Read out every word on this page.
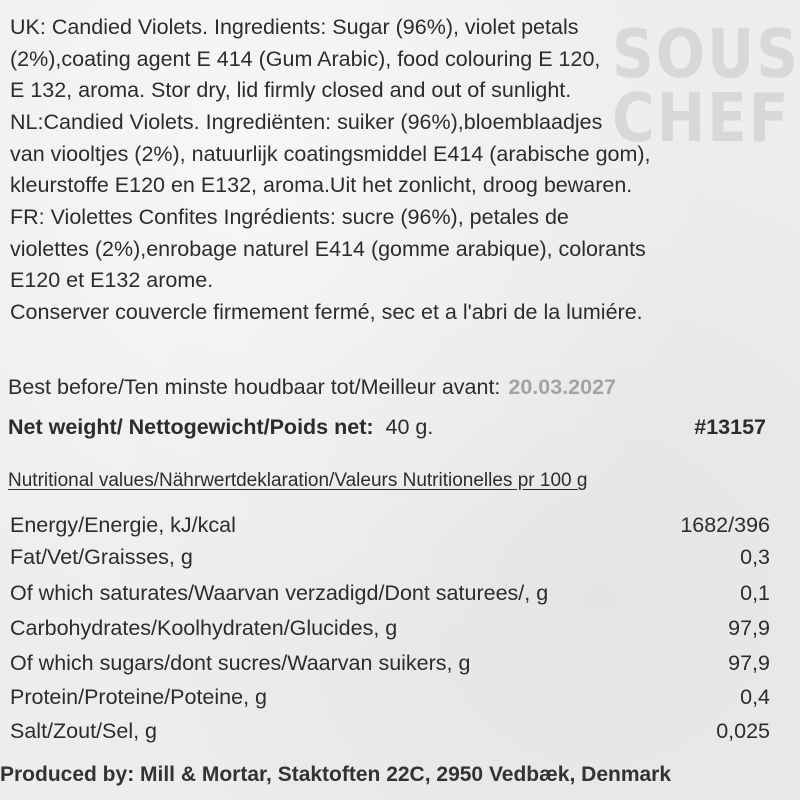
SOUS
CHEF
UK: Candied Violets. Ingredients: Sugar (96%), violet petals
(2%),coating agent E 414 (Gum Arabic), food colouring E 120,
E 132, aroma. Stor dry, lid firmly closed and out of sunlight.
NL:Candied Violets. Ingrediënten: suiker (96%),bloemblaadjes
van viooltjes (2%), natuurlijk coatingsmiddel E414 (arabische gom),
kleurstoffe E120 en E132, aroma.Uit het zonlicht, droog bewaren.
FR: Violettes Confites Ingrédients: sucre (96%), petales de
violettes (2%),enrobage naturel E414 (gomme arabique), colorants
E120 et E132 arome.
Conserver couvercle firmement fermé, sec et a l'abri de la lumiére.
Best before/Ten minste houdbaar tot/Meilleur avant: 20.03.2027
Net weight/ Nettogewicht/Poids net: 40 g.	#13157
Nutritional values/Nährwertdeklaration/Valeurs Nutritionelles pr 100 g
Energy/Energie, kJ/kcal	1682/396
Fat/Vet/Graisses, g	0,3
Of which saturates/Waarvan verzadigd/Dont saturees/, g	0,1
Carbohydrates/Koolhydraten/Glucides, g	97,9
Of which sugars/dont sucres/Waarvan suikers, g	97,9
Protein/Proteine/Poteine, g	0,4
Salt/Zout/Sel, g	0,025
Produced by: Mill & Mortar, Staktoften 22C, 2950 Vedbæk, Denmark
